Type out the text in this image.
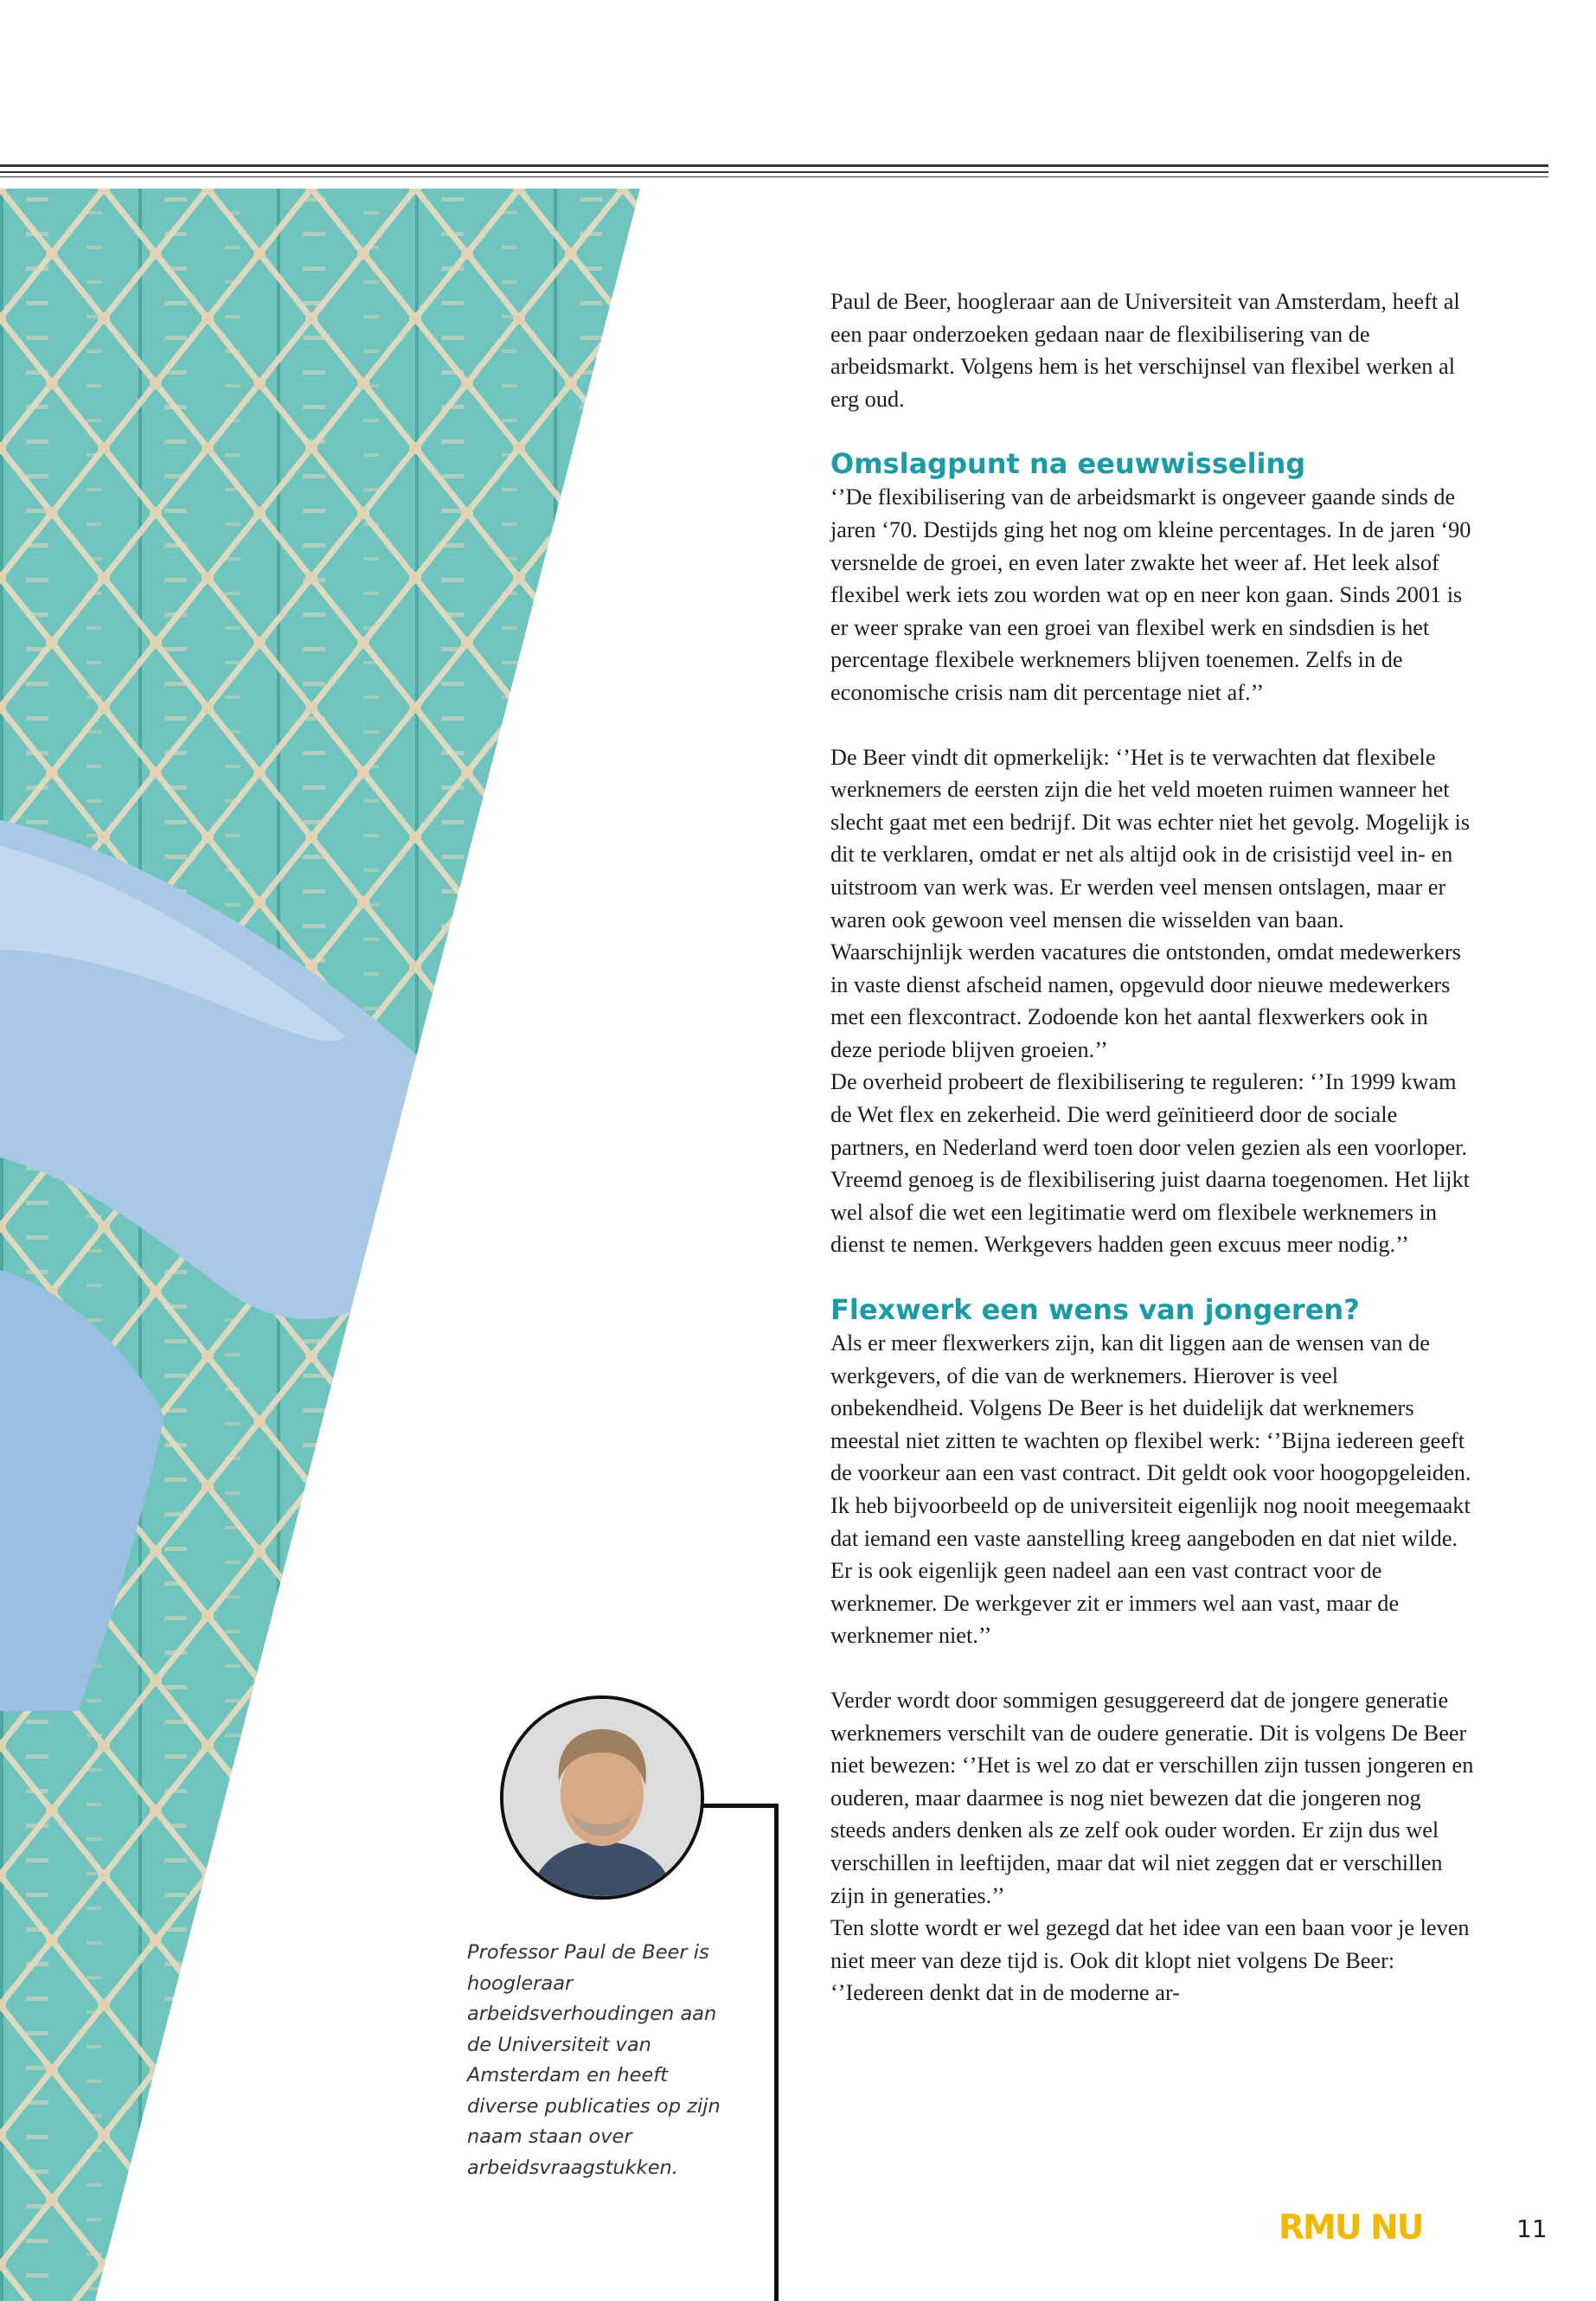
Paul de Beer, hoogleraar aan de Universiteit van Amsterdam, heeft al een paar onderzoeken gedaan naar de flexibilisering van de arbeidsmarkt. Volgens hem is het verschijnsel van flexibel werken al erg oud.

Omslagpunt na eeuwwisseling

‘’De flexibilisering van de arbeidsmarkt is ongeveer gaande sinds de jaren ‘70. Destijds ging het nog om kleine percentages. In de jaren ‘90 versnelde de groei, en even later zwakte het weer af. Het leek alsof flexibel werk iets zou worden wat op en neer kon gaan. Sinds 2001 is er weer sprake van een groei van flexibel werk en sindsdien is het percentage flexibele werknemers blijven toenemen. Zelfs in de economische crisis nam dit percentage niet af.’’

De Beer vindt dit opmerkelijk: ‘’Het is te verwachten dat flexibele werknemers de eersten zijn die het veld moeten ruimen wanneer het slecht gaat met een bedrijf. Dit was echter niet het gevolg. Mogelijk is dit te verklaren, omdat er net als altijd ook in de crisistijd veel in- en uitstroom van werk was. Er werden veel mensen ontslagen, maar er waren ook gewoon veel mensen die wisselden van baan. Waarschijnlijk werden vacatures die ontstonden, omdat medewerkers in vaste dienst afscheid namen, opgevuld door nieuwe medewerkers met een flexcontract. Zodoende kon het aantal flexwerkers ook in deze periode blijven groeien.’’

De overheid probeert de flexibilisering te reguleren: ‘’In 1999 kwam de Wet flex en zekerheid. Die werd geïnitieerd door de sociale partners, en Nederland werd toen door velen gezien als een voorloper. Vreemd genoeg is de flexibilisering juist daarna toegenomen. Het lijkt wel alsof die wet een legitimatie werd om flexibele werknemers in dienst te nemen. Werkgevers hadden geen excuus meer nodig.’’

Flexwerk een wens van jongeren?

Als er meer flexwerkers zijn, kan dit liggen aan de wensen van de werkgevers, of die van de werknemers. Hierover is veel onbekendheid. Volgens De Beer is het duidelijk dat werknemers meestal niet zitten te wachten op flexibel werk: ‘’Bijna iedereen geeft de voorkeur aan een vast contract. Dit geldt ook voor hoogopgeleiden. Ik heb bijvoorbeeld op de universiteit eigenlijk nog nooit meegemaakt dat iemand een vaste aanstelling kreeg aangeboden en dat niet wilde. Er is ook eigenlijk geen nadeel aan een vast contract voor de werknemer. De werkgever zit er immers wel aan vast, maar de werknemer niet.’’

Verder wordt door sommigen gesuggereerd dat de jongere generatie werknemers verschilt van de oudere generatie. Dit is volgens De Beer niet bewezen: ‘’Het is wel zo dat er verschillen zijn tussen jongeren en ouderen, maar daarmee is nog niet bewezen dat die jongeren nog steeds anders denken als ze zelf ook ouder worden. Er zijn dus wel verschillen in leeftijden, maar dat wil niet zeggen dat er verschillen zijn in generaties.’’

Ten slotte wordt er wel gezegd dat het idee van een baan voor je leven niet meer van deze tijd is. Ook dit klopt niet volgens De Beer: ‘’Iedereen denkt dat in de moderne ar-

Professor Paul de Beer is hoogleraar arbeidsverhoudingen aan de Universiteit van Amsterdam en heeft diverse publicaties op zijn naam staan over arbeidsvraagstukken.
RMU NU	11
